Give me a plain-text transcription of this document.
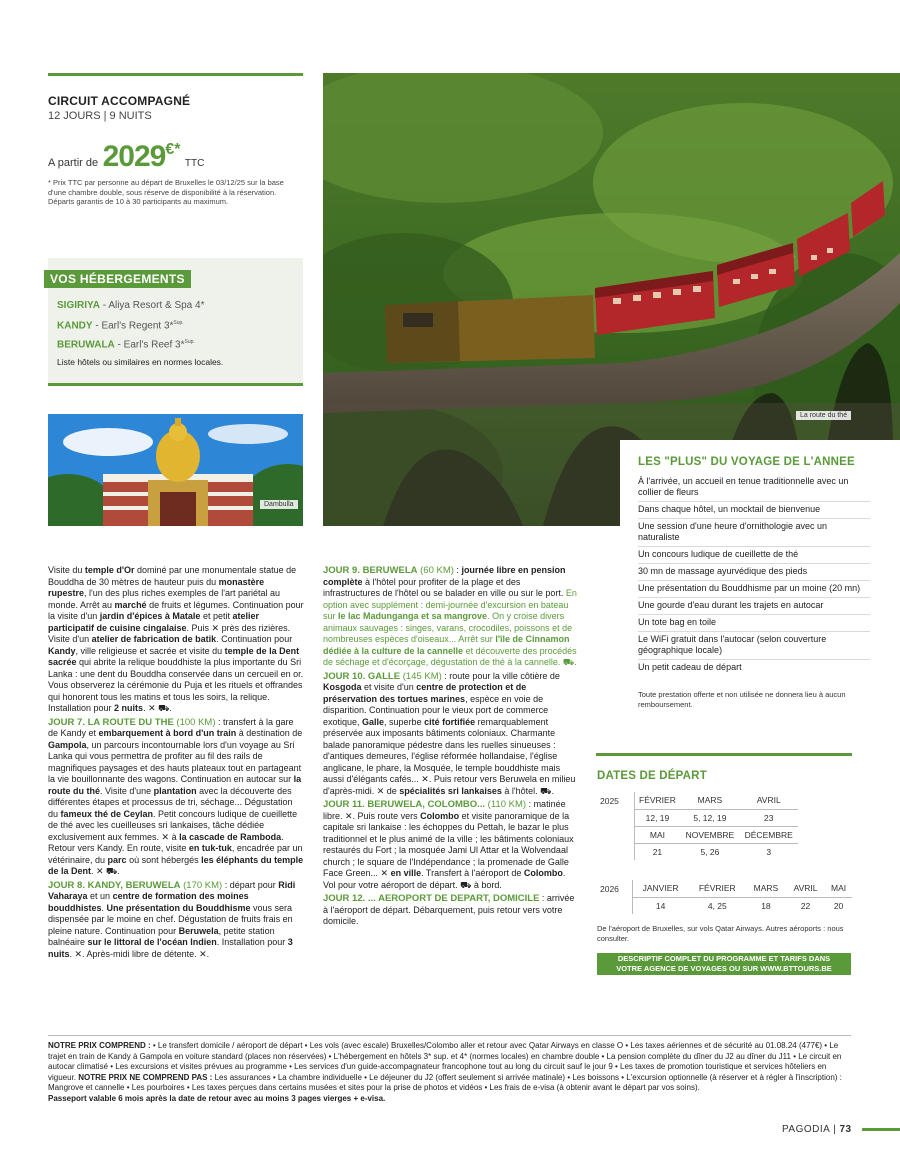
CIRCUIT ACCOMPAGNÉ
12 JOURS | 9 NUITS
A partir de 2029€* TTC
* Prix TTC par personne au départ de Bruxelles le 03/12/25 sur la base d'une chambre double, sous réserve de disponibilité à la réservation. Départs garantis de 10 à 30 participants au maximum.
VOS HÉBERGEMENTS
SIGIRIYA - Aliya Resort & Spa 4*
KANDY - Earl's Regent 3*$^{Sup.}$
BERUWALA - Earl's Reef 3*$^{Sup.}$
Liste hôtels ou similaires en normes locales.
La route du thé
Dambulla
LES "PLUS" DU VOYAGE DE L'ANNEE
À l'arrivée, un accueil en tenue traditionnelle avec un collier de fleurs
Dans chaque hôtel, un mocktail de bienvenue
Une session d'une heure d'ornithologie avec un naturaliste
Un concours ludique de cueillette de thé
30 mn de massage ayurvédique des pieds
Une présentation du Bouddhisme par un moine (20 mn)
Une gourde d'eau durant les trajets en autocar
Un tote bag en toile
Le WiFi gratuit dans l'autocar (selon couverture géographique locale)
Un petit cadeau de départ
Toute prestation offerte et non utilisée ne donnera lieu à aucun remboursement.

Visite du temple d'Or dominé par une monumentale statue de Bouddha de 30 mètres de hauteur puis du monastère rupestre, l'un des plus riches exemples de l'art pariétal au monde. Arrêt au marché de fruits et légumes. Continuation pour la visite d'un jardin d'épices à Matale et petit atelier participatif de cuisine cingalaise. Puis ✕ près des rizières. Visite d'un atelier de fabrication de batik. Continuation pour Kandy, ville religieuse et sacrée et visite du temple de la Dent sacrée qui abrite la relique bouddhiste la plus importante du Sri Lanka : une dent du Bouddha conservée dans un cercueil en or. Vous observerez la cérémonie du Puja et les rituels et offrandes qui honorent tous les matins et tous les soirs, la relique. Installation pour 2 nuits. ✕ ⛟.

JOUR 7. LA ROUTE DU THE (100 KM) : transfert à la gare de Kandy et embarquement à bord d'un train à destination de Gampola, un parcours incontournable lors d'un voyage au Sri Lanka qui vous permettra de profiter au fil des rails de magnifiques paysages et des hauts plateaux tout en partageant la vie bouillonnante des wagons. Continuation en autocar sur la route du thé. Visite d'une plantation avec la découverte des différentes étapes et processus de tri, séchage... Dégustation du fameux thé de Ceylan. Petit concours ludique de cueillette de thé avec les cueilleuses sri lankaises, tâche dédiée exclusivement aux femmes. ✕ à la cascade de Ramboda. Retour vers Kandy. En route, visite en tuk-tuk, encadrée par un vétérinaire, du parc où sont hébergés les éléphants du temple de la Dent. ✕ ⛟.

JOUR 8. KANDY, BERUWELA (170 KM) : départ pour Ridi Vaharaya et un centre de formation des moines bouddhistes. Une présentation du Bouddhisme vous sera dispensée par le moine en chef. Dégustation de fruits frais en pleine nature. Continuation pour Beruwela, petite station balnéaire sur le littoral de l'océan Indien. Installation pour 3 nuits. ✕. Après-midi libre de détente. ✕.

JOUR 9. BERUWELA (60 KM) : journée libre en pension complète à l'hôtel pour profiter de la plage et des infrastructures de l'hôtel ou se balader en ville ou sur le port. En option avec supplément : demi-journée d'excursion en bateau sur le lac Madunganga et sa mangrove. On y croise divers animaux sauvages : singes, varans, crocodiles, poissons et de nombreuses espèces d'oiseaux... Arrêt sur l'île de Cinnamon dédiée à la culture de la cannelle et découverte des procédés de séchage et d'écorçage, dégustation de thé à la cannelle. ⛟.

JOUR 10. GALLE (145 KM) : route pour la ville côtière de Kosgoda et visite d'un centre de protection et de préservation des tortues marines, espèce en voie de disparition. Continuation pour le vieux port de commerce exotique, Galle, superbe cité fortifiée remarquablement préservée aux imposants bâtiments coloniaux. Charmante balade panoramique pédestre dans les ruelles sinueuses : d'antiques demeures, l'église réformée hollandaise, l'église anglicane, le phare, la Mosquée, le temple bouddhiste mais aussi d'élégants cafés... ✕. Puis retour vers Beruwela en milieu d'après-midi. ✕ de spécialités sri lankaises à l'hôtel. ⛟.

JOUR 11. BERUWELA, COLOMBO... (110 KM) : matinée libre. ✕. Puis route vers Colombo et visite panoramique de la capitale sri lankaise : les échoppes du Pettah, le bazar le plus traditionnel et le plus animé de la ville ; les bâtiments coloniaux restaurés du Fort ; la mosquée Jami Ul Attar et la Wolvendaal church ; le square de l'Indépendance ; la promenade de Galle Face Green... ✕ en ville. Transfert à l'aéroport de Colombo. Vol pour votre aéroport de départ. ⛟ à bord.

JOUR 12. ... AEROPORT DE DEPART, DOMICILE : arrivée à l'aéroport de départ. Débarquement, puis retour vers votre domicile.

DATES DE DÉPART
2025	FÉVRIER	MARS	AVRIL
	12, 19	5, 12, 19	23
	MAI	NOVEMBRE	DÉCEMBRE
	21	5, 26	3
2026	JANVIER	FÉVRIER	MARS	AVRIL	MAI
	14	4, 25	18	22	20
De l'aéroport de Bruxelles, sur vols Qatar Airways. Autres aéroports : nous consulter.
DESCRIPTIF COMPLET DU PROGRAMME ET TARIFS DANS
VOTRE AGENCE DE VOYAGES OU SUR WWW.BTTOURS.BE
NOTRE PRIX COMPREND : • Le transfert domicile / aéroport de départ • Les vols (avec escale) Bruxelles/Colombo aller et retour avec Qatar Airways en classe O • Les taxes aériennes et de sécurité au 01.08.24 (477€) • Le trajet en train de Kandy à Gampola en voiture standard (places non réservées) • L'hébergement en hôtels 3* sup. et 4* (normes locales) en chambre double • La pension complète du dîner du J2 au dîner du J11 • Le circuit en autocar climatisé • Les excursions et visites prévues au programme • Les services d'un guide-accompagnateur francophone tout au long du circuit sauf le jour 9 • Les taxes de promotion touristique et services hôteliers en vigueur. NOTRE PRIX NE COMPREND PAS : Les assurances • La chambre individuelle • Le déjeuner du J2 (offert seulement si arrivée matinale) • Les boissons • L'excursion optionnelle (à réserver et à régler à l'inscription) : Mangrove et cannelle • Les pourboires • Les taxes perçues dans certains musées et sites pour la prise de photos et vidéos • Les frais de e-visa (à obtenir avant le départ par vos soins).
Passeport valable 6 mois après la date de retour avec au moins 3 pages vierges + e-visa.
PAGODIA | 73
